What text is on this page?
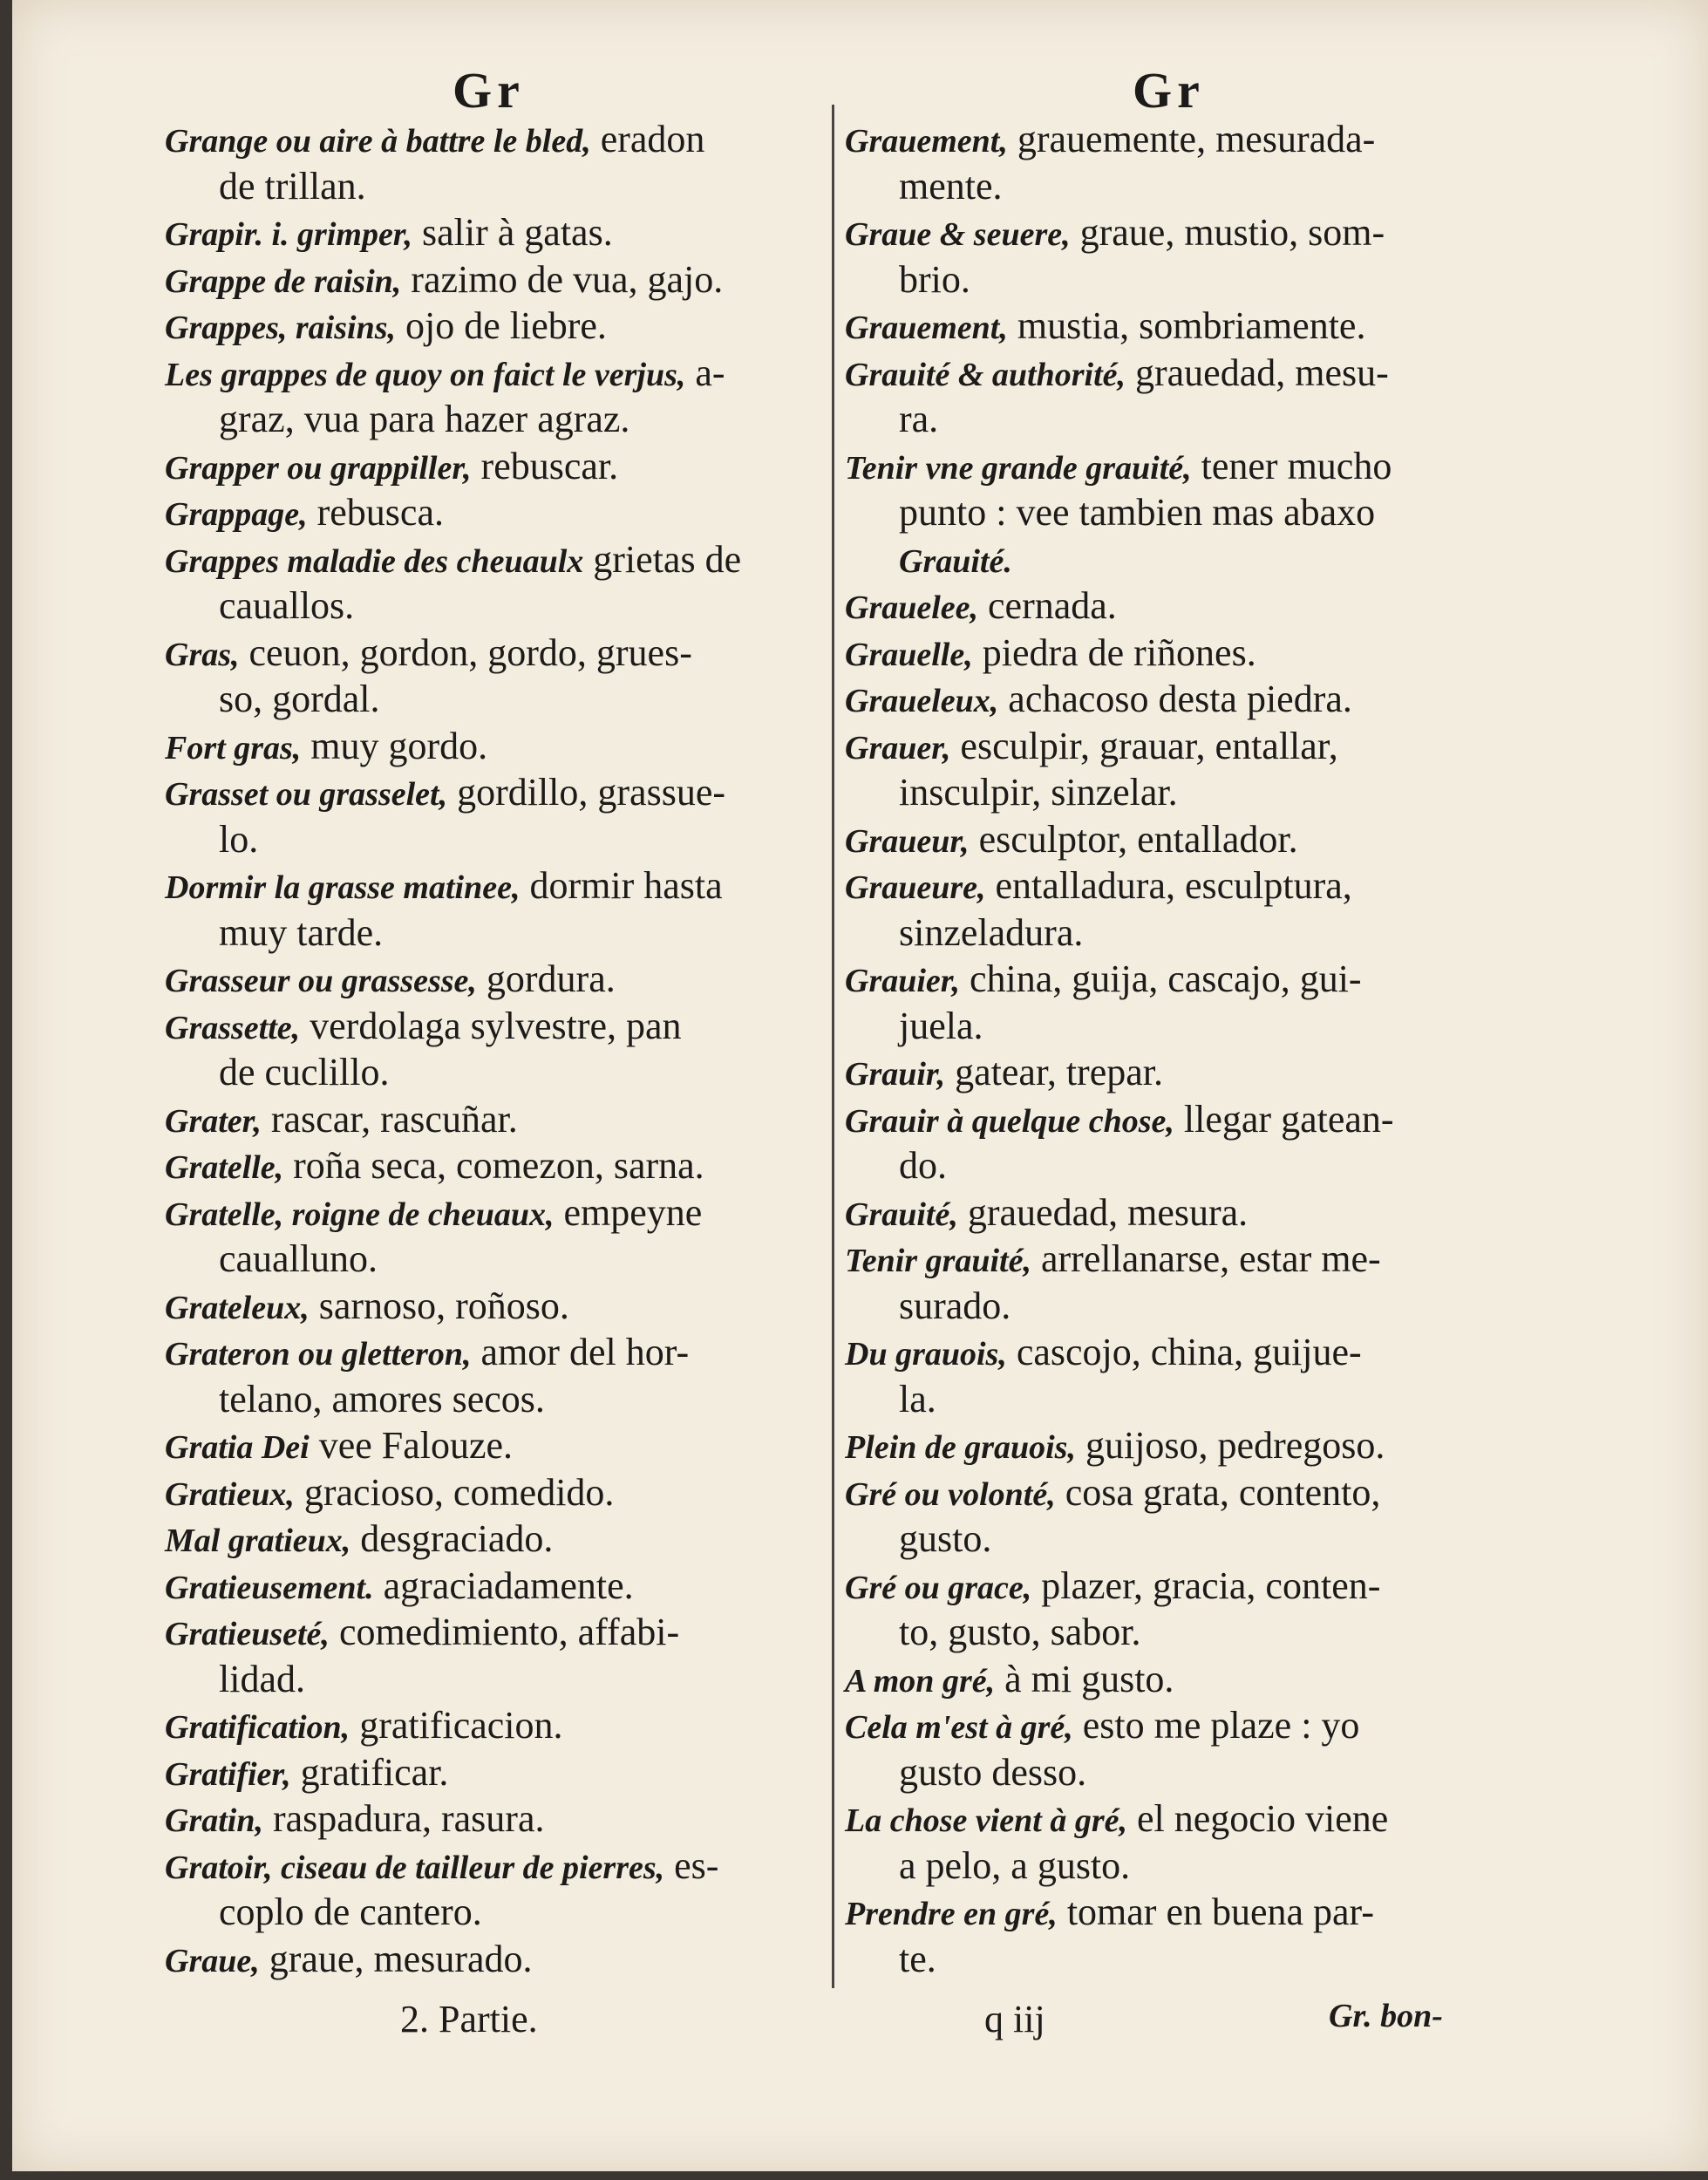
Gr
Grange ou aire à battre le bled, eradon
de trillan.
Grapir. i. grimper, salir à gatas.
Grappe de raisin, razimo de vua, gajo.
Grappes, raisins, ojo de liebre.
Les grappes de quoy on faict le verjus, a-
graz, vua para hazer agraz.
Grapper ou grappiller, rebuscar.
Grappage, rebusca.
Grappes maladie des cheuaulx grietas de
cauallos.
Gras, ceuon, gordon, gordo, grues-
so, gordal.
Fort gras, muy gordo.
Grasset ou grasselet, gordillo, grassue-
lo.
Dormir la grasse matinee, dormir hasta
muy tarde.
Grasseur ou grassesse, gordura.
Grassette, verdolaga sylvestre, pan
de cuclillo.
Grater, rascar, rascuñar.
Gratelle, roña seca, comezon, sarna.
Gratelle, roigne de cheuaux, empeyne
caualluno.
Grateleux, sarnoso, roñoso.
Grateron ou gletteron, amor del hor-
telano, amores secos.
Gratia Dei vee Falouze.
Gratieux, gracioso, comedido.
Mal gratieux, desgraciado.
Gratieusement. agraciadamente.
Gratieuseté, comedimiento, affabi-
lidad.
Gratification, gratificacion.
Gratifier, gratificar.
Gratin, raspadura, rasura.
Gratoir, ciseau de tailleur de pierres, es-
coplo de cantero.
Graue, graue, mesurado.
Gr
Grauement, grauemente, mesurada-
mente.
Graue & seuere, graue, mustio, som-
brio.
Grauement, mustia, sombriamente.
Grauité & authorité, grauedad, mesu-
ra.
Tenir vne grande grauité, tener mucho
punto : vee tambien mas abaxo
Grauité.
Grauelee, cernada.
Grauelle, piedra de riñones.
Graueleux, achacoso desta piedra.
Grauer, esculpir, grauar, entallar,
insculpir, sinzelar.
Graueur, esculptor, entallador.
Graueure, entalladura, esculptura,
sinzeladura.
Grauier, china, guija, cascajo, gui-
juela.
Grauir, gatear, trepar.
Grauir à quelque chose, llegar gatean-
do.
Grauité, grauedad, mesura.
Tenir grauité, arrellanarse, estar me-
surado.
Du grauois, cascojo, china, guijue-
la.
Plein de grauois, guijoso, pedregoso.
Gré ou volonté, cosa grata, contento,
gusto.
Gré ou grace, plazer, gracia, conten-
to, gusto, sabor.
A mon gré, à mi gusto.
Cela m'est à gré, esto me plaze : yo
gusto desso.
La chose vient à gré, el negocio viene
a pelo, a gusto.
Prendre en gré, tomar en buena par-
te.
2. Partie.	q iij	Gr. bon-
